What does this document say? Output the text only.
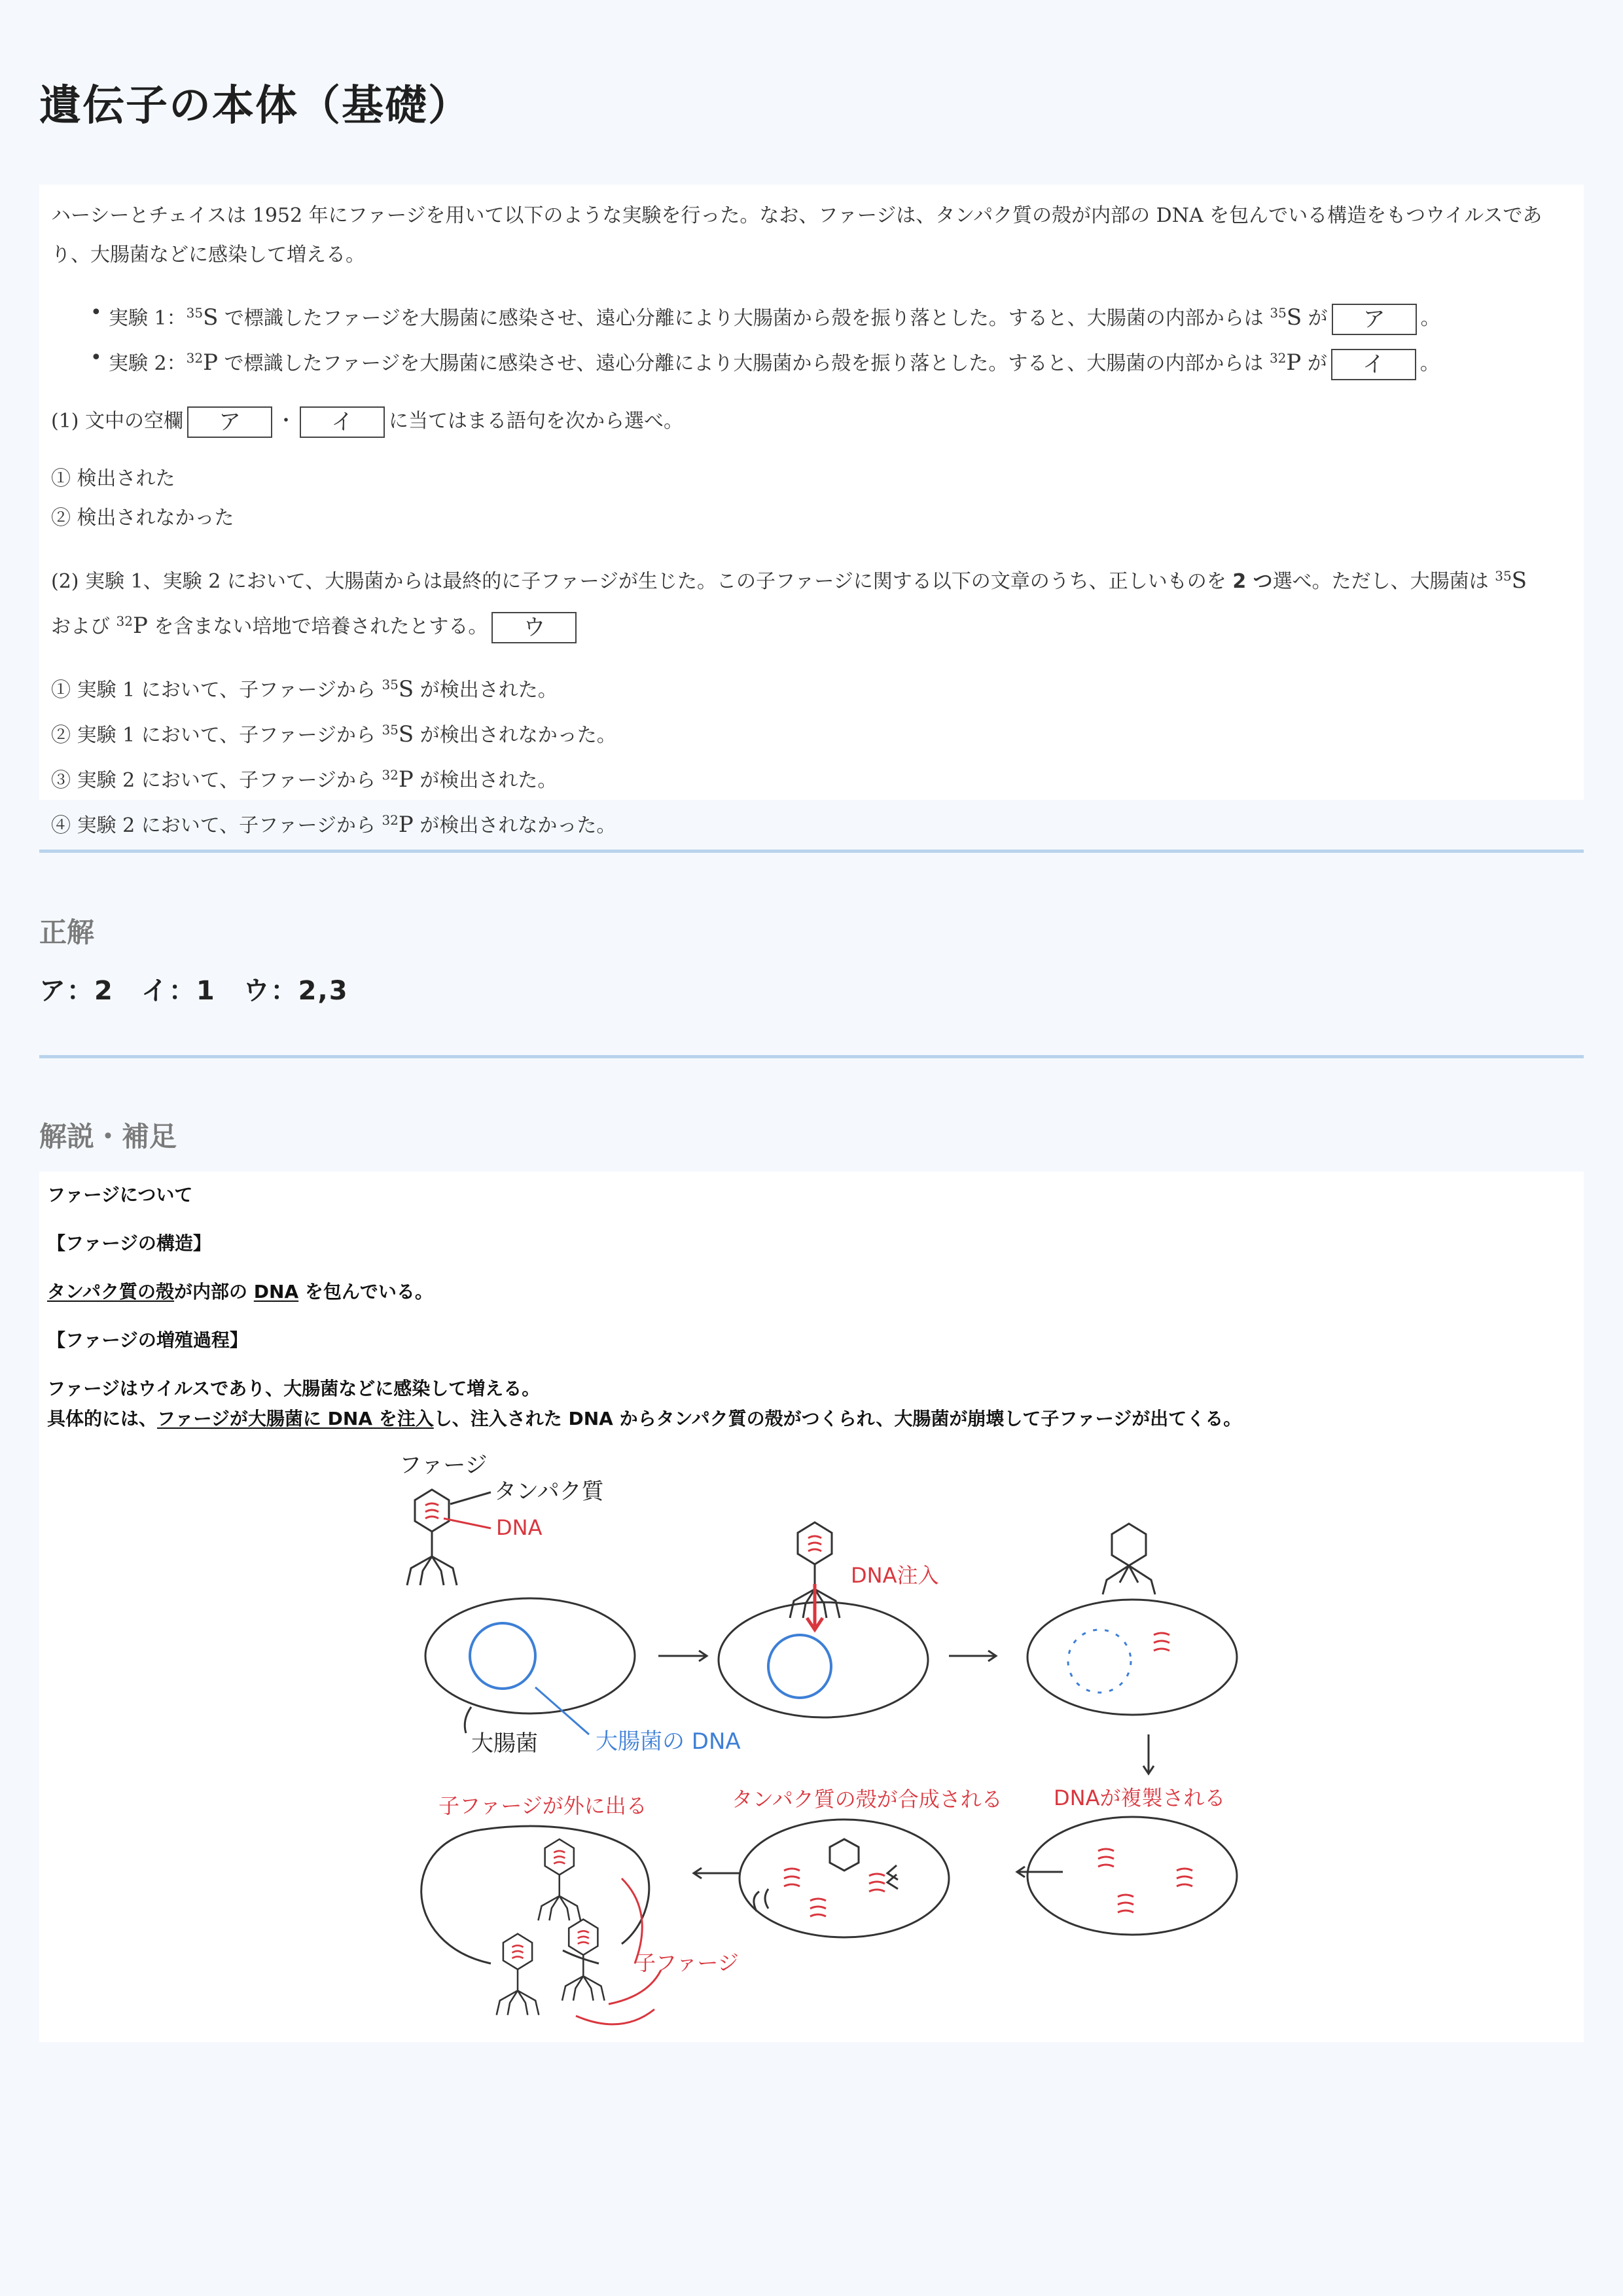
遺伝子の本体（基礎）

ハーシーとチェイスは 1952 年にファージを用いて以下のような実験を行った。なお、ファージは、タンパク質の殻が内部の DNA を包んでいる構造をもつウイルスであり、大腸菌などに感染して増える。

• 実験 1：$^{35}$S で標識したファージを大腸菌に感染させ、遠心分離により大腸菌から殻を振り落とした。すると、大腸菌の内部からは $^{35}$S が ア 。
• 実験 2：$^{32}$P で標識したファージを大腸菌に感染させ、遠心分離により大腸菌から殻を振り落とした。すると、大腸菌の内部からは $^{32}$P が イ 。

(1) 文中の空欄 ア ・ イ に当てはまる語句を次から選べ。

① 検出された

② 検出されなかった

(2) 実験 1、実験 2 において、大腸菌からは最終的に子ファージが生じた。この子ファージに関する以下の文章のうち、正しいものを 2 つ選べ。ただし、大腸菌は $^{35}$S
および $^{32}$P を含まない培地で培養されたとする。 ウ

① 実験 1 において、子ファージから $^{35}$S が検出された。

② 実験 1 において、子ファージから $^{35}$S が検出されなかった。

③ 実験 2 において、子ファージから $^{32}$P が検出された。

④ 実験 2 において、子ファージから $^{32}$P が検出されなかった。

正解
ア：2　イ：1　ウ：2,3
解説・補足
ファージについて
【ファージの構造】
タンパク質の殻が内部の DNA を包んでいる。
【ファージの増殖過程】
ファージはウイルスであり、大腸菌などに感染して増える。
具体的には、ファージが大腸菌に DNA を注入し、注入された DNA からタンパク質の殻がつくられ、大腸菌が崩壊して子ファージが出てくる。
ファージ
タンパク質
DNA
大腸菌	大腸菌の DNA
DNA注入
DNAが複製される
タンパク質の殻が合成される
子ファージが外に出る
子ファージ
